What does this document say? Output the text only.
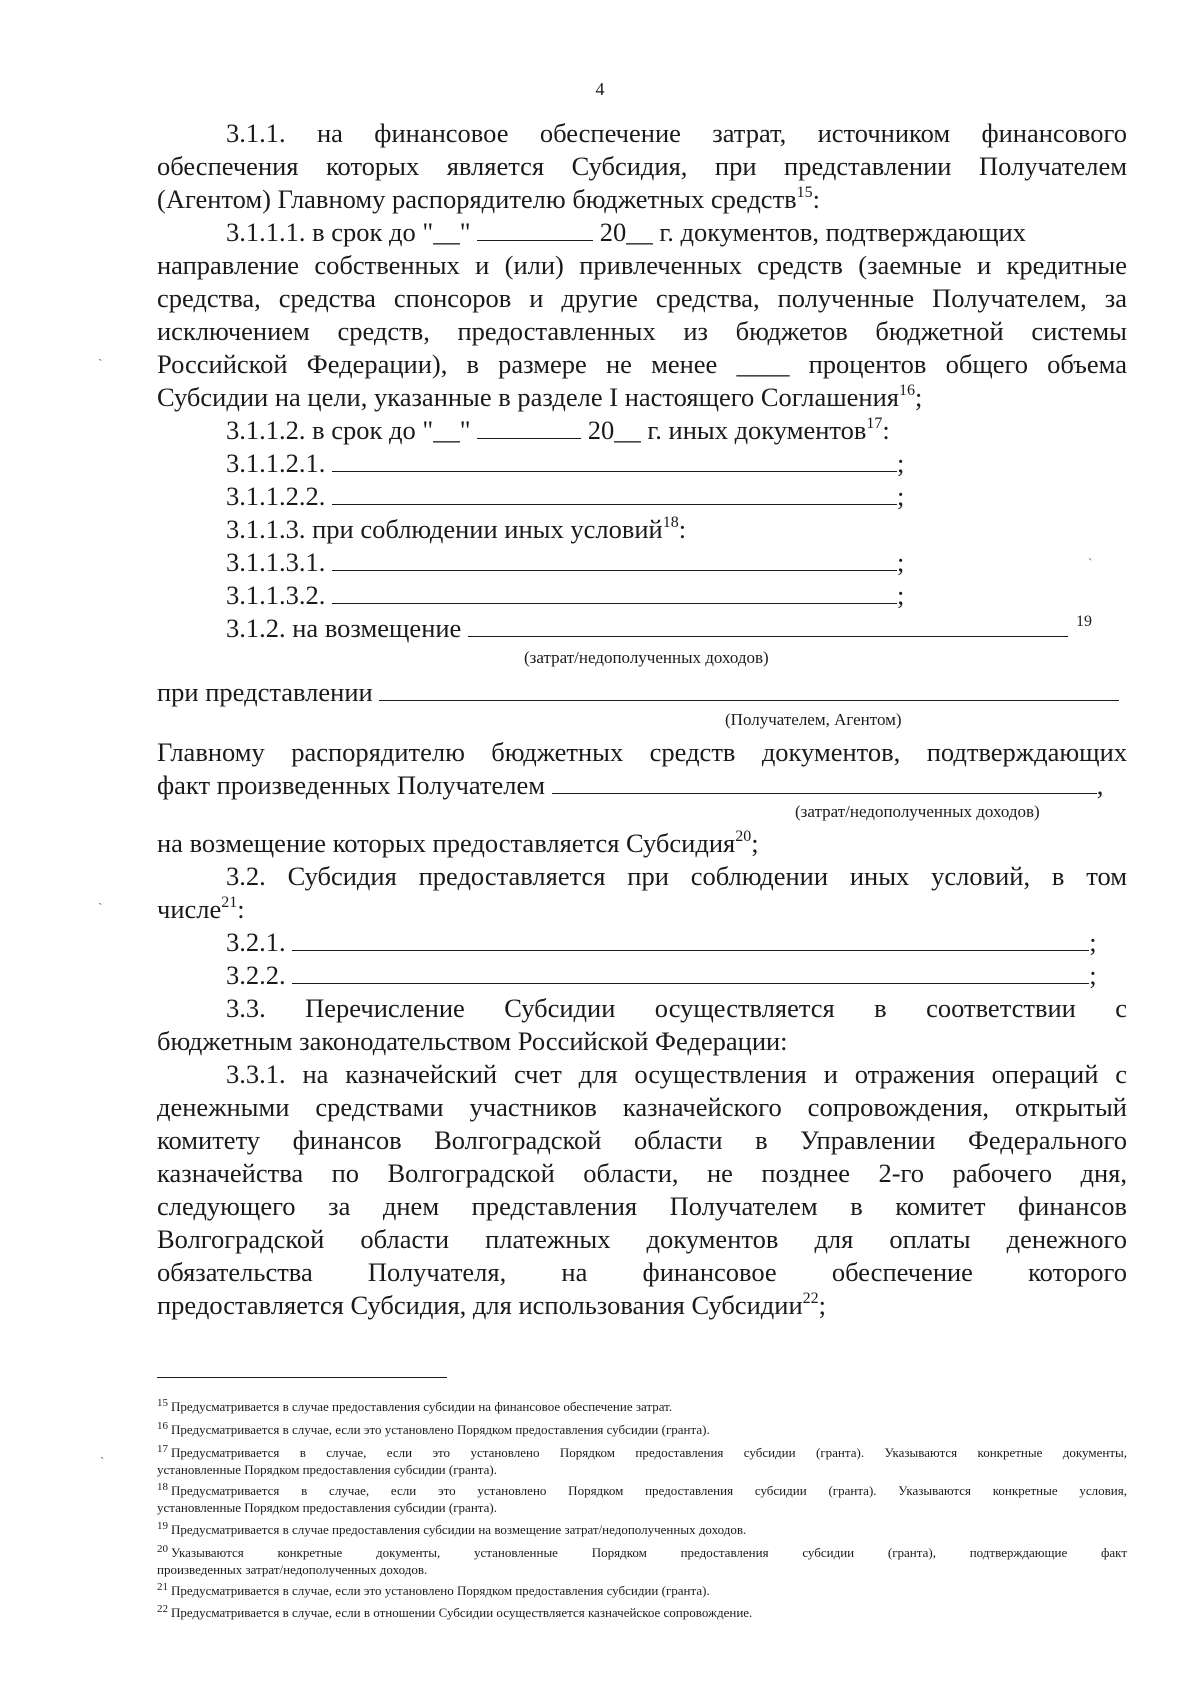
4
3.1.1. на финансовое обеспечение затрат, источником финансового
обеспечения которых является Субсидия, при представлении Получателем
(Агентом) Главному распорядителю бюджетных средств$^{15}$:
3.1.1.1. в срок до "__"	20__ г. документов, подтверждающих
направление собственных и (или) привлеченных средств (заемные и кредитные
средства, средства спонсоров и другие средства, полученные Получателем, за
исключением средств, предоставленных из бюджетов бюджетной системы
Российской Федерации), в размере не менее ____ процентов общего объема
Субсидии на цели, указанные в разделе I настоящего Соглашения$^{16}$;
3.1.1.2. в срок до "__"	20__ г. иных документов$^{17}$:
3.1.1.2.1.	;
3.1.1.2.2.	;
3.1.1.3. при соблюдении иных условий$^{18}$:
3.1.1.3.1.	;
3.1.1.3.2.	;
3.1.2. на возмещение	$^{19}$
(затрат/недополученных доходов)
при представлении
(Получателем, Агентом)
Главному распорядителю бюджетных средств документов, подтверждающих
факт произведенных Получателем	,
(затрат/недополученных доходов)
на возмещение которых предоставляется Субсидия$^{20}$;
3.2. Субсидия предоставляется при соблюдении иных условий, в том
числе$^{21}$:
3.2.1.	;
3.2.2.	;
3.3. Перечисление Субсидии осуществляется в соответствии с
бюджетным законодательством Российской Федерации:
3.3.1. на казначейский счет для осуществления и отражения операций с
денежными средствами участников казначейского сопровождения, открытый
комитету финансов Волгоградской области в Управлении Федерального
казначейства по Волгоградской области, не позднее 2-го рабочего дня,
следующего за днем представления Получателем в комитет финансов
Волгоградской области платежных документов для оплаты денежного
обязательства Получателя, на финансовое обеспечение которого
предоставляется Субсидия, для использования Субсидии$^{22}$;
$^{15}$ Предусматривается в случае предоставления субсидии на финансовое обеспечение затрат.
$^{16}$ Предусматривается в случае, если это установлено Порядком предоставления субсидии (гранта).
$^{17}$ Предусматривается в случае, если это установлено Порядком предоставления субсидии (гранта). Указываются конкретные документы,
установленные Порядком предоставления субсидии (гранта).
$^{18}$ Предусматривается в случае, если это установлено Порядком предоставления субсидии (гранта). Указываются конкретные условия,
установленные Порядком предоставления субсидии (гранта).
$^{19}$ Предусматривается в случае предоставления субсидии на возмещение затрат/недополученных доходов.
$^{20}$ Указываются конкретные документы, установленные Порядком предоставления субсидии (гранта), подтверждающие факт
произведенных затрат/недополученных доходов.
$^{21}$ Предусматривается в случае, если это установлено Порядком предоставления субсидии (гранта).
$^{22}$ Предусматривается в случае, если в отношении Субсидии осуществляется казначейское сопровождение.
ˋ
ˋ
ˋ
ˏ
